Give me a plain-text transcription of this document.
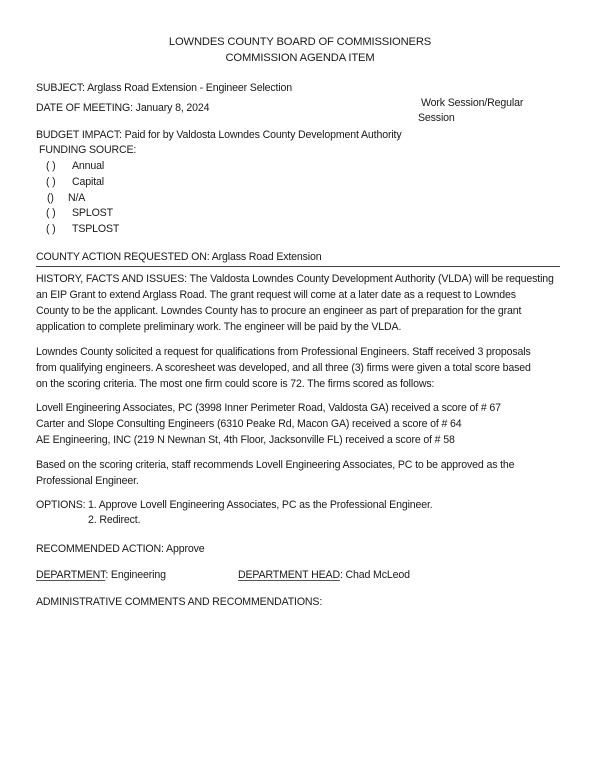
LOWNDES COUNTY BOARD OF COMMISSIONERS
COMMISSION AGENDA ITEM
SUBJECT: Arglass Road Extension - Engineer Selection
DATE OF MEETING: January 8, 2024	Work Session/Regular
Session
BUDGET IMPACT: Paid for by Valdosta Lowndes County Development Authority
FUNDING SOURCE:
( ) Annual
( ) Capital
() N/A
( ) SPLOST
( ) TSPLOST
COUNTY ACTION REQUESTED ON: Arglass Road Extension
HISTORY, FACTS AND ISSUES: The Valdosta Lowndes County Development Authority (VLDA) will be requesting
an EIP Grant to extend Arglass Road. The grant request will come at a later date as a request to Lowndes
County to be the applicant. Lowndes County has to procure an engineer as part of preparation for the grant
application to complete preliminary work. The engineer will be paid by the VLDA.
Lowndes County solicited a request for qualifications from Professional Engineers. Staff received 3 proposals
from qualifying engineers. A scoresheet was developed, and all three (3) firms were given a total score based
on the scoring criteria. The most one firm could score is 72. The firms scored as follows:
Lovell Engineering Associates, PC (3998 Inner Perimeter Road, Valdosta GA) received a score of # 67
Carter and Slope Consulting Engineers (6310 Peake Rd, Macon GA) received a score of # 64
AE Engineering, INC (219 N Newnan St, 4th Floor, Jacksonville FL) received a score of # 58
Based on the scoring criteria, staff recommends Lovell Engineering Associates, PC to be approved as the
Professional Engineer.
OPTIONS: 1. Approve Lovell Engineering Associates, PC as the Professional Engineer.
2. Redirect.
RECOMMENDED ACTION: Approve
DEPARTMENT: Engineering	DEPARTMENT HEAD: Chad McLeod
ADMINISTRATIVE COMMENTS AND RECOMMENDATIONS:
